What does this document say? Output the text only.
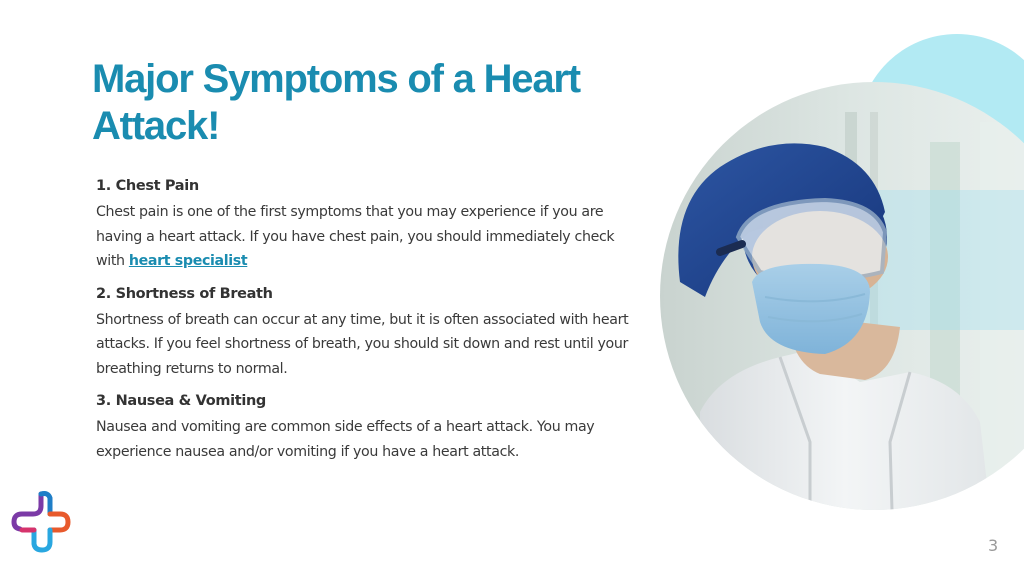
Major Symptoms of a Heart Attack!

1. Chest Pain

Chest pain is one of the first symptoms that you may experience if you are having a heart attack. If you have chest pain, you should immediately check with heart specialist

2. Shortness of Breath

Shortness of breath can occur at any time, but it is often associated with heart attacks. If you feel shortness of breath, you should sit down and rest until your breathing returns to normal.

3. Nausea & Vomiting

Nausea and vomiting are common side effects of a heart attack. You may experience nausea and/or vomiting if you have a heart attack.

3
